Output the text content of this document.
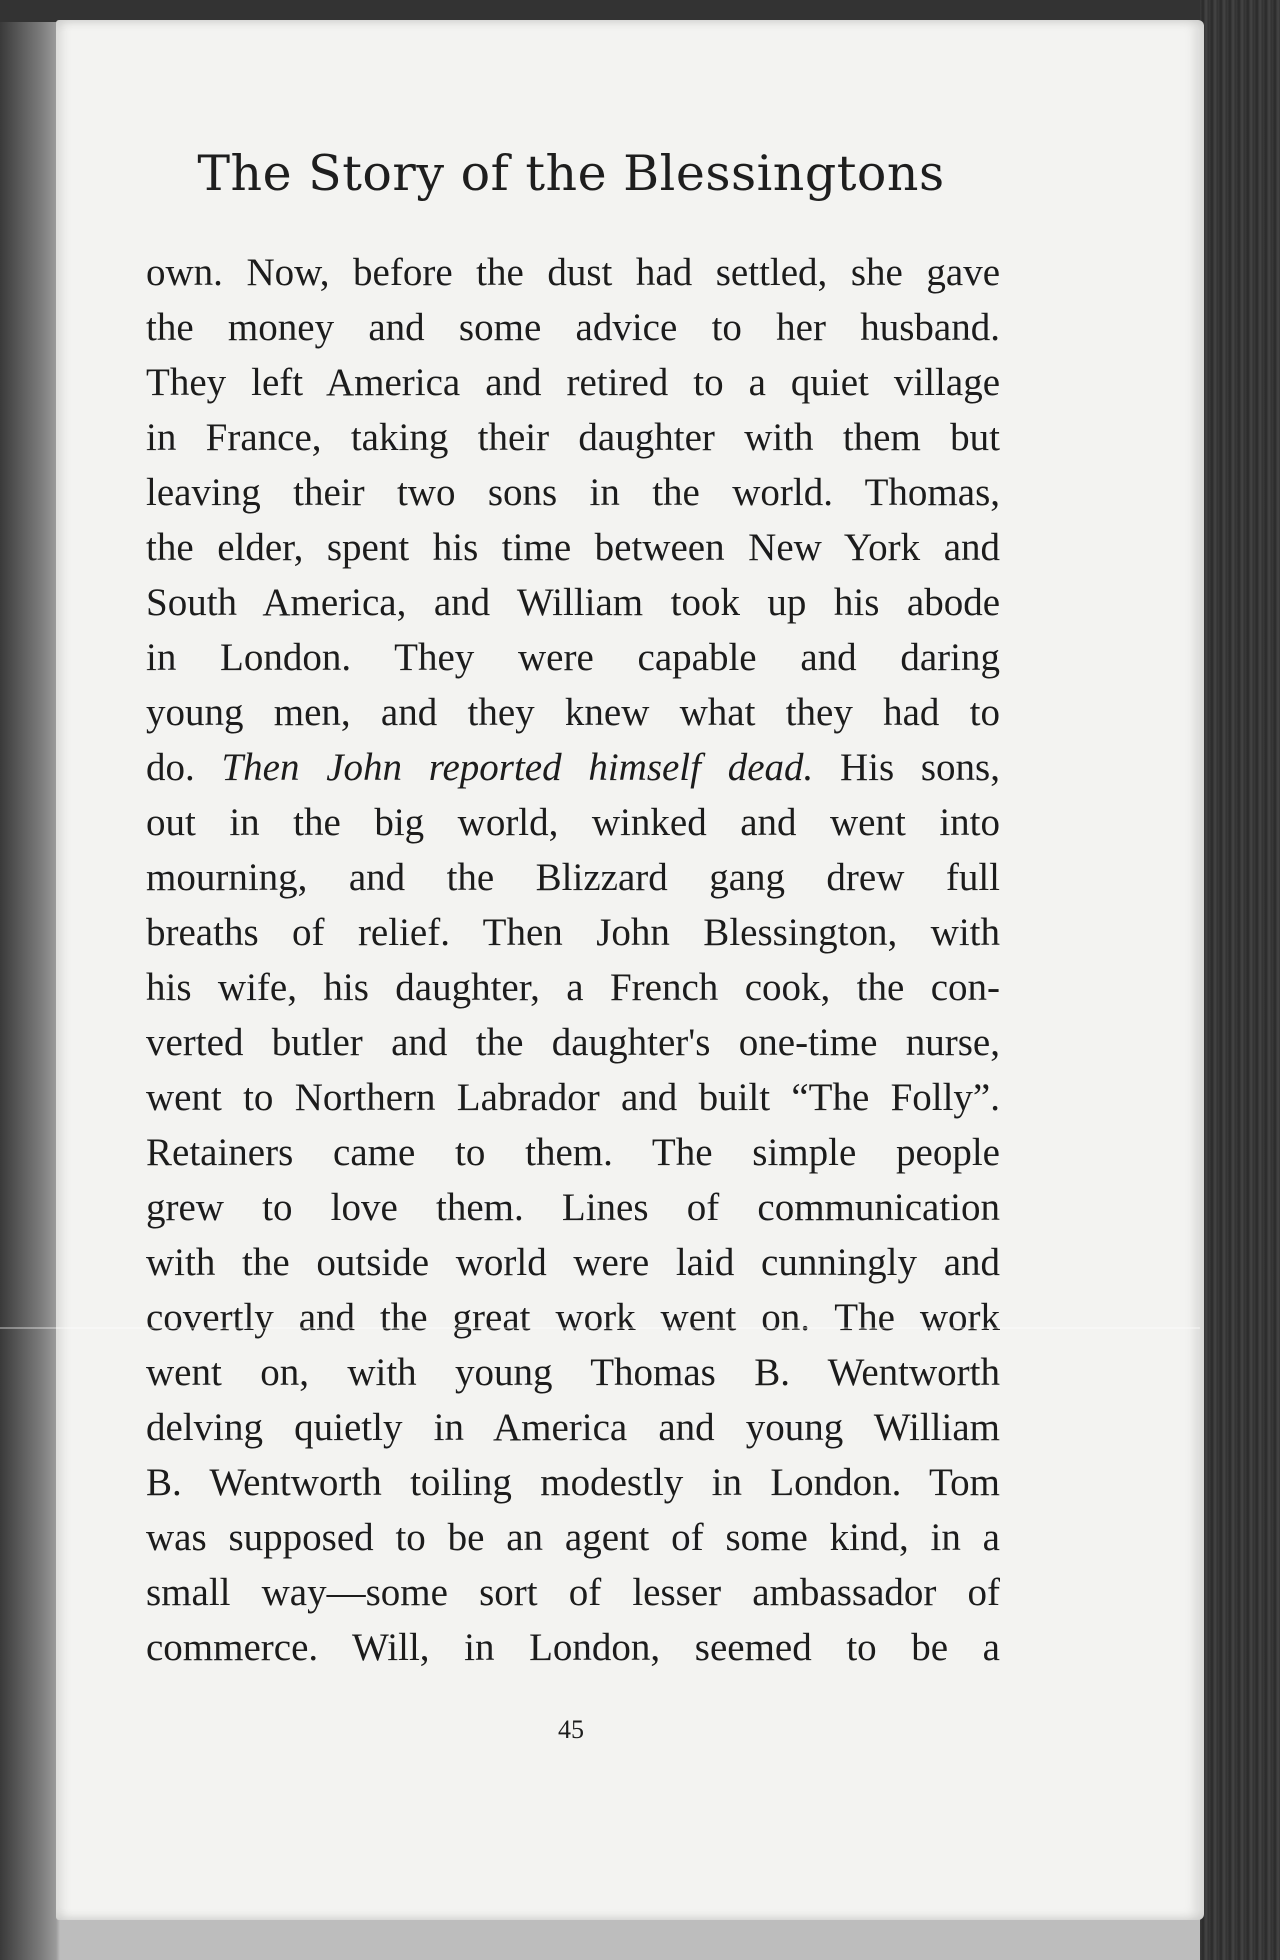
The Story of the Blessingtons
own. Now, before the dust had settled, she gave
the money and some advice to her husband.
They left America and retired to a quiet village
in France, taking their daughter with them but
leaving their two sons in the world. Thomas,
the elder, spent his time between New York and
South America, and William took up his abode
in London. They were capable and daring
young men, and they knew what they had to
do. Then John reported himself dead. His sons,
out in the big world, winked and went into
mourning, and the Blizzard gang drew full
breaths of relief. Then John Blessington, with
his wife, his daughter, a French cook, the con-
verted butler and the daughter's one-time nurse,
went to Northern Labrador and built “The Folly”.
Retainers came to them. The simple people
grew to love them. Lines of communication
with the outside world were laid cunningly and
covertly and the great work went on. The work
went on, with young Thomas B. Wentworth
delving quietly in America and young William
B. Wentworth toiling modestly in London. Tom
was supposed to be an agent of some kind, in a
small way—some sort of lesser ambassador of
commerce. Will, in London, seemed to be a
45
